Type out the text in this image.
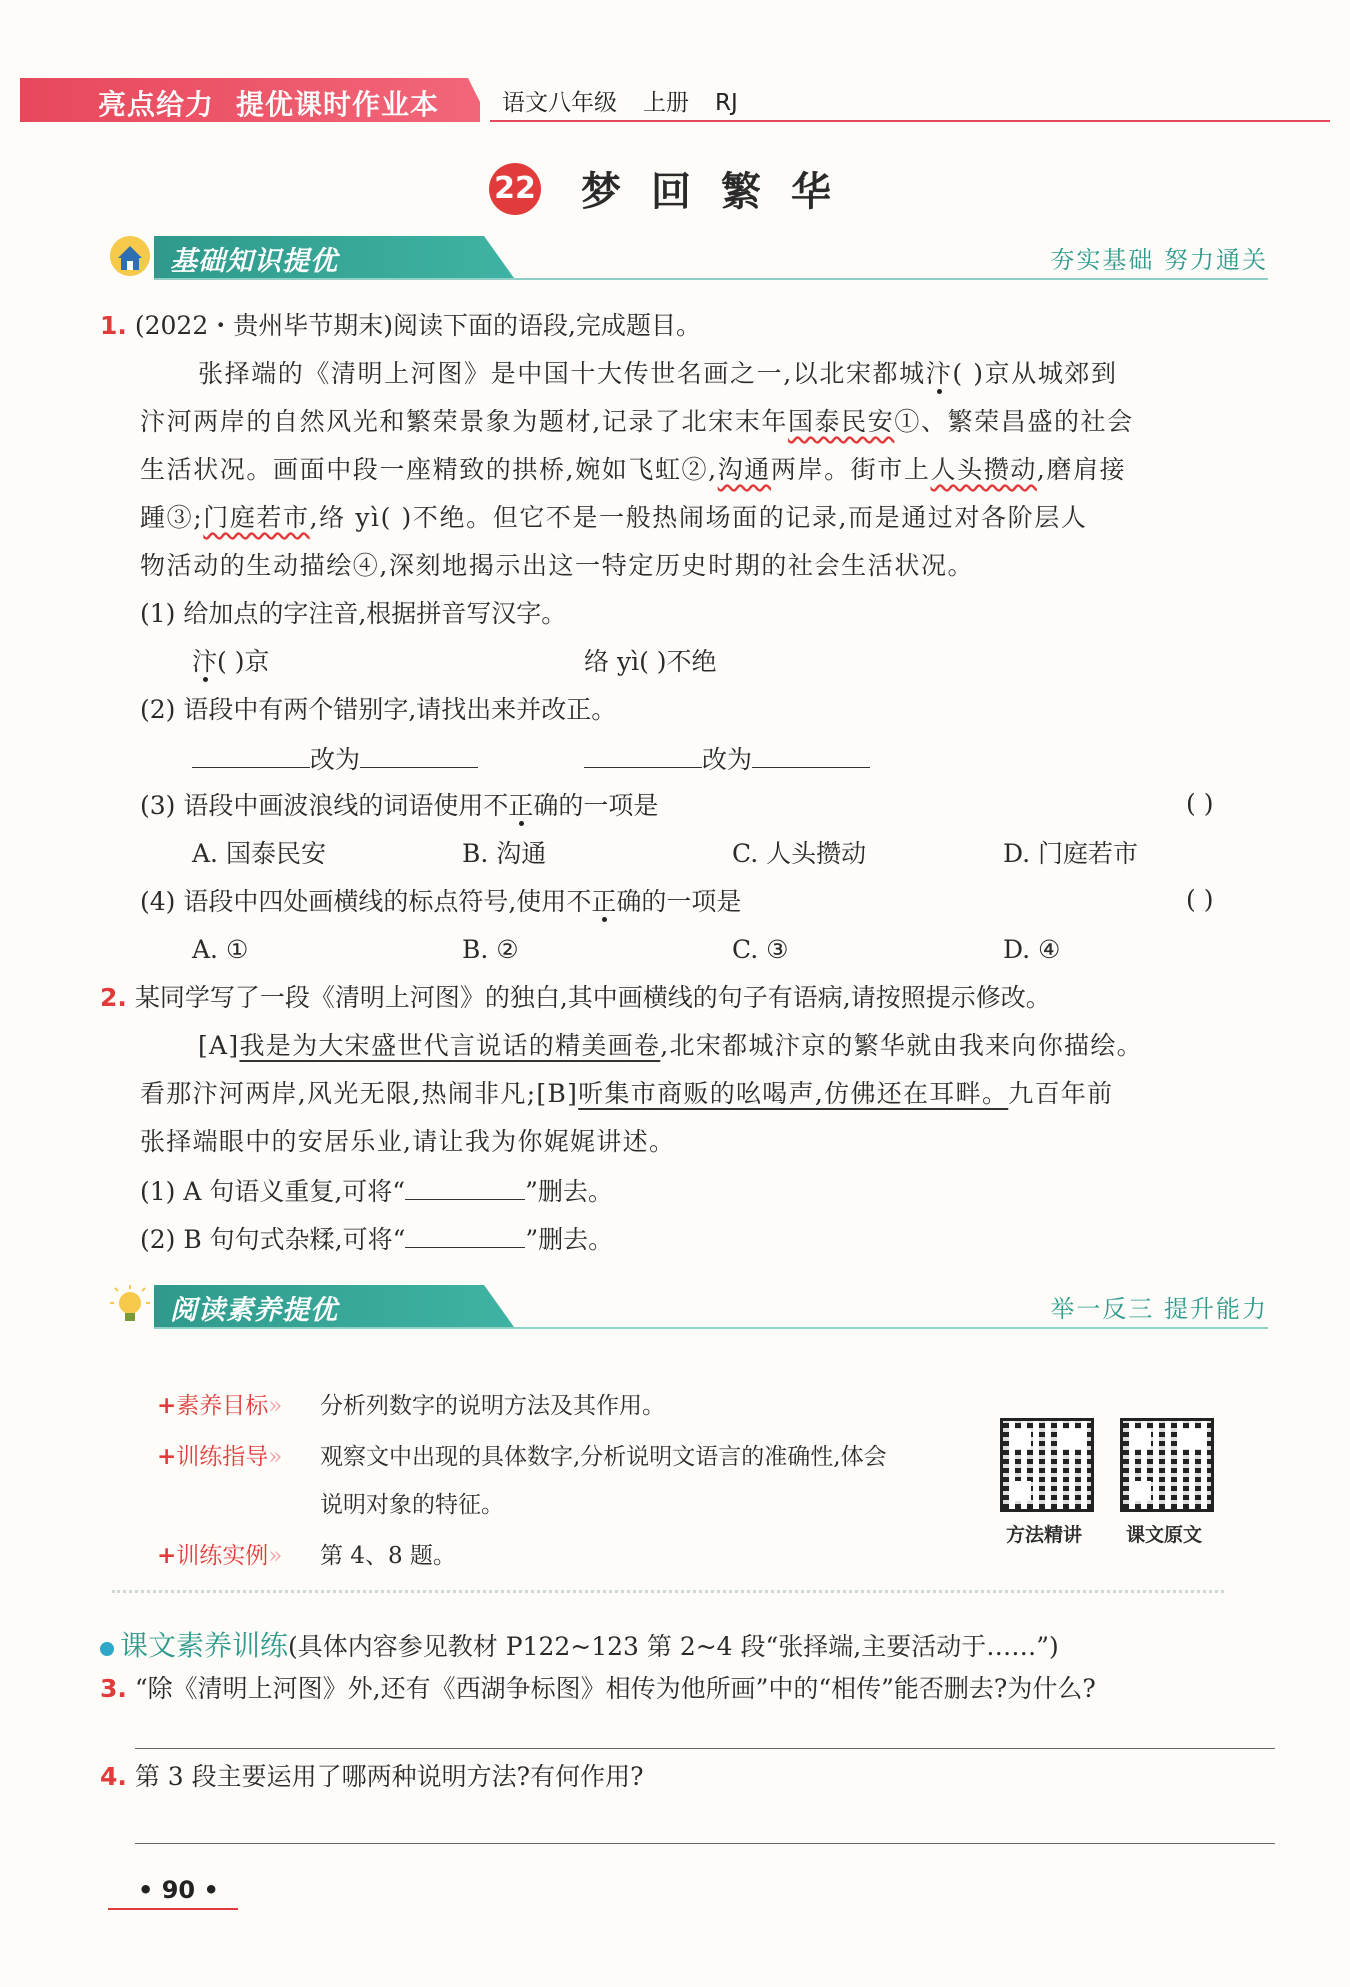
亮点给力 提优课时作业本	语文八年级 上册 RJ
22 梦回繁华
基础知识提优	夯实基础 努力通关
1. (2022・贵州毕节期末)阅读下面的语段,完成题目。
张择端的《清明上河图》是中国十大传世名画之一,以北宋都城汴( )京从城郊到
汴河两岸的自然风光和繁荣景象为题材,记录了北宋末年国泰民安①、繁荣昌盛的社会
生活状况。画面中段一座精致的拱桥,婉如飞虹②,沟通两岸。街市上人头攒动,磨肩接
踵③;门庭若市,络 yì( )不绝。但它不是一般热闹场面的记录,而是通过对各阶层人
物活动的生动描绘④,深刻地揭示出这一特定历史时期的社会生活状况。
(1) 给加点的字注音,根据拼音写汉字。
汴( )京	络 yì( )不绝
(2) 语段中有两个错别字,请找出来并改正。
改为	改为
(3) 语段中画波浪线的词语使用不正确的一项是	( )
A. 国泰民安	B. 沟通	C. 人头攒动	D. 门庭若市
(4) 语段中四处画横线的标点符号,使用不正确的一项是	( )
A. ①	B. ②	C. ③	D. ④
2. 某同学写了一段《清明上河图》的独白,其中画横线的句子有语病,请按照提示修改。
[A]我是为大宋盛世代言说话的精美画卷,北宋都城汴京的繁华就由我来向你描绘。
看那汴河两岸,风光无限,热闹非凡;[B]听集市商贩的吆喝声,仿佛还在耳畔。九百年前
张择端眼中的安居乐业,请让我为你娓娓讲述。
(1) A 句语义重复,可将“	”删去。
(2) B 句句式杂糅,可将“	”删去。
阅读素养提优	举一反三 提升能力
+素养目标» 分析列数字的说明方法及其作用。
+训练指导» 观察文中出现的具体数字,分析说明文语言的准确性,体会
说明对象的特征。
+训练实例» 第 4、8 题。
方法精讲	课文原文
课文素养训练(具体内容参见教材 P122~123 第 2~4 段“张择端,主要活动于……”)
3. “除《清明上河图》外,还有《西湖争标图》相传为他所画”中的“相传”能否删去?为什么?
4. 第 3 段主要运用了哪两种说明方法?有何作用?
• 90 •
